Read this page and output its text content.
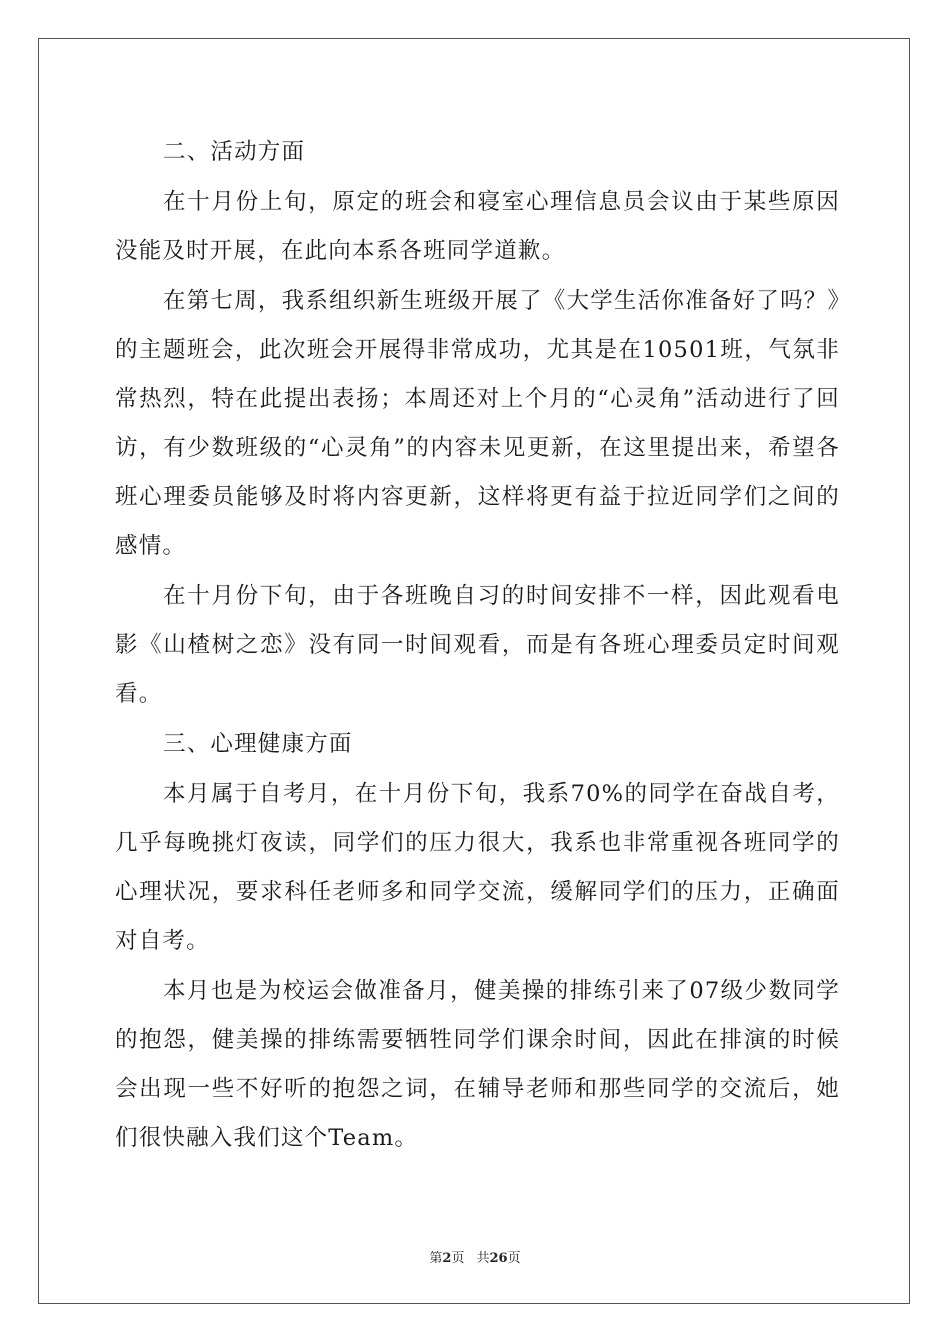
二、活动方面

在十月份上旬，原定的班会和寝室心理信息员会议由于某些原因没能及时开展，在此向本系各班同学道歉。

在第七周，我系组织新生班级开展了《大学生活你准备好了吗？》的主题班会，此次班会开展得非常成功，尤其是在10501班，气氛非常热烈，特在此提出表扬；本周还对上个月的“心灵角”活动进行了回访，有少数班级的“心灵角”的内容未见更新，在这里提出来，希望各班心理委员能够及时将内容更新，这样将更有益于拉近同学们之间的感情。

在十月份下旬，由于各班晚自习的时间安排不一样，因此观看电影《山楂树之恋》没有同一时间观看，而是有各班心理委员定时间观看。

三、心理健康方面

本月属于自考月，在十月份下旬，我系70%的同学在奋战自考，几乎每晚挑灯夜读，同学们的压力很大，我系也非常重视各班同学的心理状况，要求科任老师多和同学交流，缓解同学们的压力，正确面对自考。

本月也是为校运会做准备月，健美操的排练引来了07级少数同学的抱怨，健美操的排练需要牺牲同学们课余时间，因此在排演的时候会出现一些不好听的抱怨之词，在辅导老师和那些同学的交流后，她们很快融入我们这个Team。

第2页 共26页
